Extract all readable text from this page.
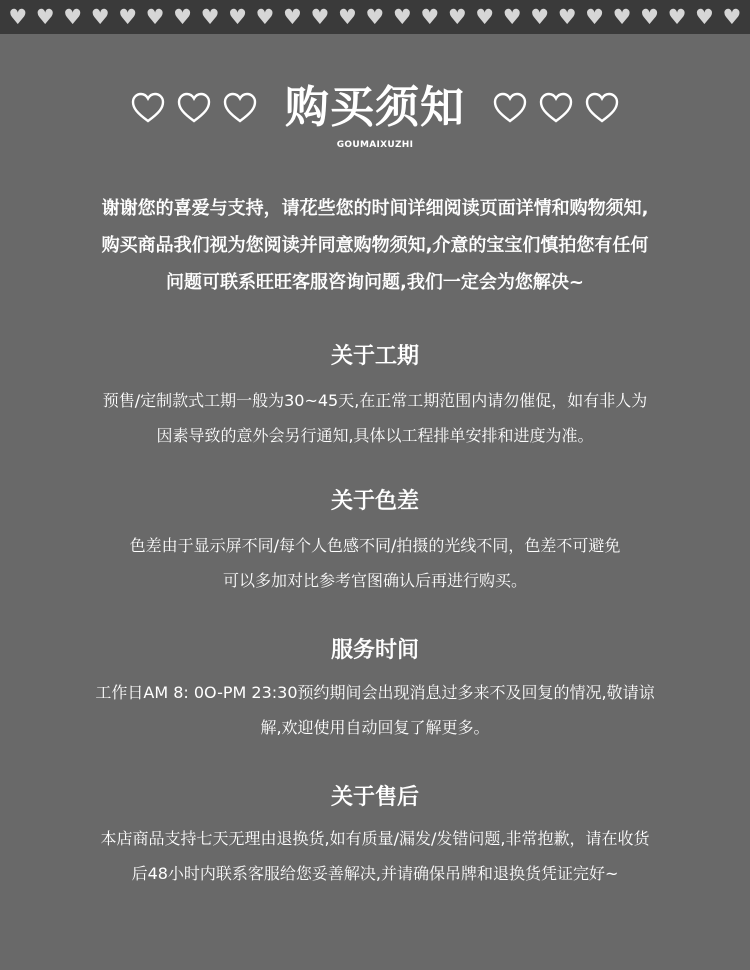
♥ ♥ ♥ ♥ ♥ ♥ ♥ ♥ ♥ ♥ ♥ ♥ ♥ ♥ ♥ ♥ ♥ ♥ ♥ ♥ ♥ ♥ ♥ ♥ ♥ ♥ ♥
购买须知
GOUMAIXUZHI

谢谢您的喜爱与支持，请花些您的时间详细阅读页面详情和购物须知,

购买商品我们视为您阅读并同意购物须知,介意的宝宝们慎拍您有任何

问题可联系旺旺客服咨询问题,我们一定会为您解决~

关于工期

预售/定制款式工期一般为30~45天,在正常工期范围内请勿催促，如有非人为

因素导致的意外会另行通知,具体以工程排单安排和进度为准。

关于色差

色差由于显示屏不同/每个人色感不同/拍摄的光线不同，色差不可避免

可以多加对比参考官图确认后再进行购买。

服务时间

工作日AM 8: 0O-PM 23:30预约期间会出现消息过多来不及回复的情况,敬请谅

解,欢迎使用自动回复了解更多。

关于售后

本店商品支持七天无理由退换货,如有质量/漏发/发错问题,非常抱歉，请在收货

后48小时内联系客服给您妥善解决,并请确保吊牌和退换货凭证完好~
